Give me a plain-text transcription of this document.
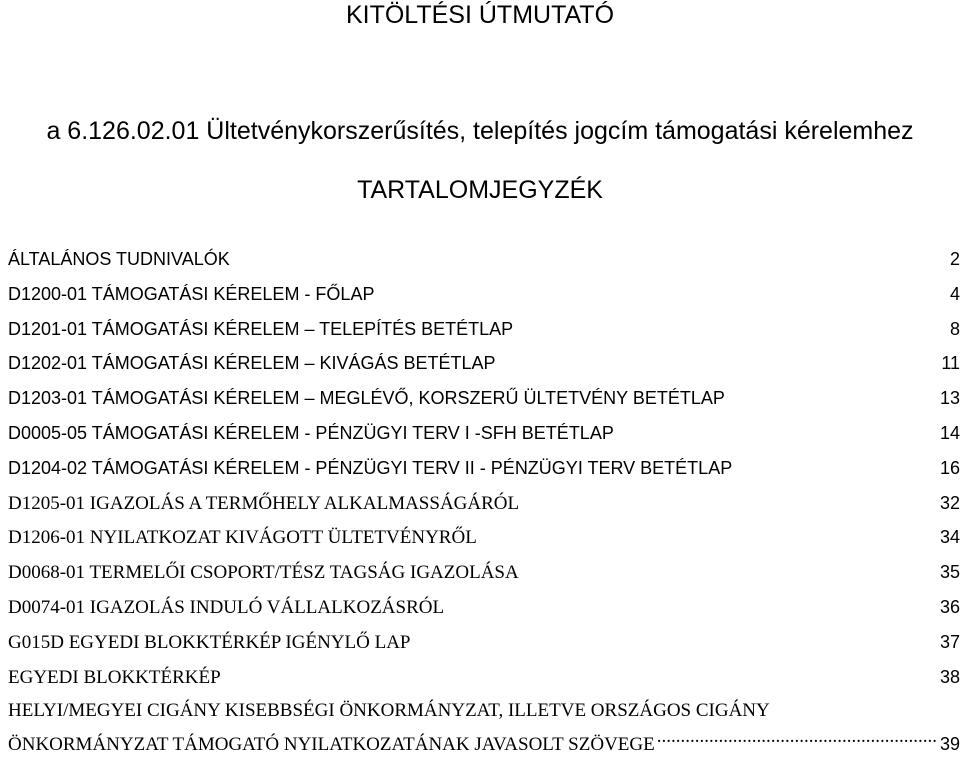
KITÖLTÉSI ÚTMUTATÓ
a 6.126.02.01 Ültetvénykorszerűsítés, telepítés jogcím támogatási kérelemhez
TARTALOMJEGYZÉK
ÁLTALÁNOS TUDNIVALÓK	2
D1200-01 TÁMOGATÁSI KÉRELEM - FŐLAP	4
D1201-01 TÁMOGATÁSI KÉRELEM – TELEPÍTÉS BETÉTLAP	8
D1202-01 TÁMOGATÁSI KÉRELEM – KIVÁGÁS BETÉTLAP	11
D1203-01 TÁMOGATÁSI KÉRELEM – MEGLÉVŐ, KORSZERŰ ÜLTETVÉNY BETÉTLAP	13
D0005-05 TÁMOGATÁSI KÉRELEM - PÉNZÜGYI TERV I -SFH BETÉTLAP	14
D1204-02 TÁMOGATÁSI KÉRELEM - PÉNZÜGYI TERV II - PÉNZÜGYI TERV BETÉTLAP	16
D1205-01 IGAZOLÁS A TERMŐHELY ALKALMASSÁGÁRÓL	32
D1206-01 NYILATKOZAT KIVÁGOTT ÜLTETVÉNYRŐL	34
D0068-01 TERMELŐI CSOPORT/TÉSZ TAGSÁG IGAZOLÁSA	35
D0074-01 IGAZOLÁS INDULÓ VÁLLALKOZÁSRÓL	36
G015D EGYEDI BLOKKTÉRKÉP IGÉNYLŐ LAP	37
EGYEDI BLOKKTÉRKÉP	38
HELYI/MEGYEI CIGÁNY KISEBBSÉGI ÖNKORMÁNYZAT, ILLETVE ORSZÁGOS CIGÁNY
ÖNKORMÁNYZAT TÁMOGATÓ NYILATKOZATÁNAK JAVASOLT SZÖVEGE .....	39
